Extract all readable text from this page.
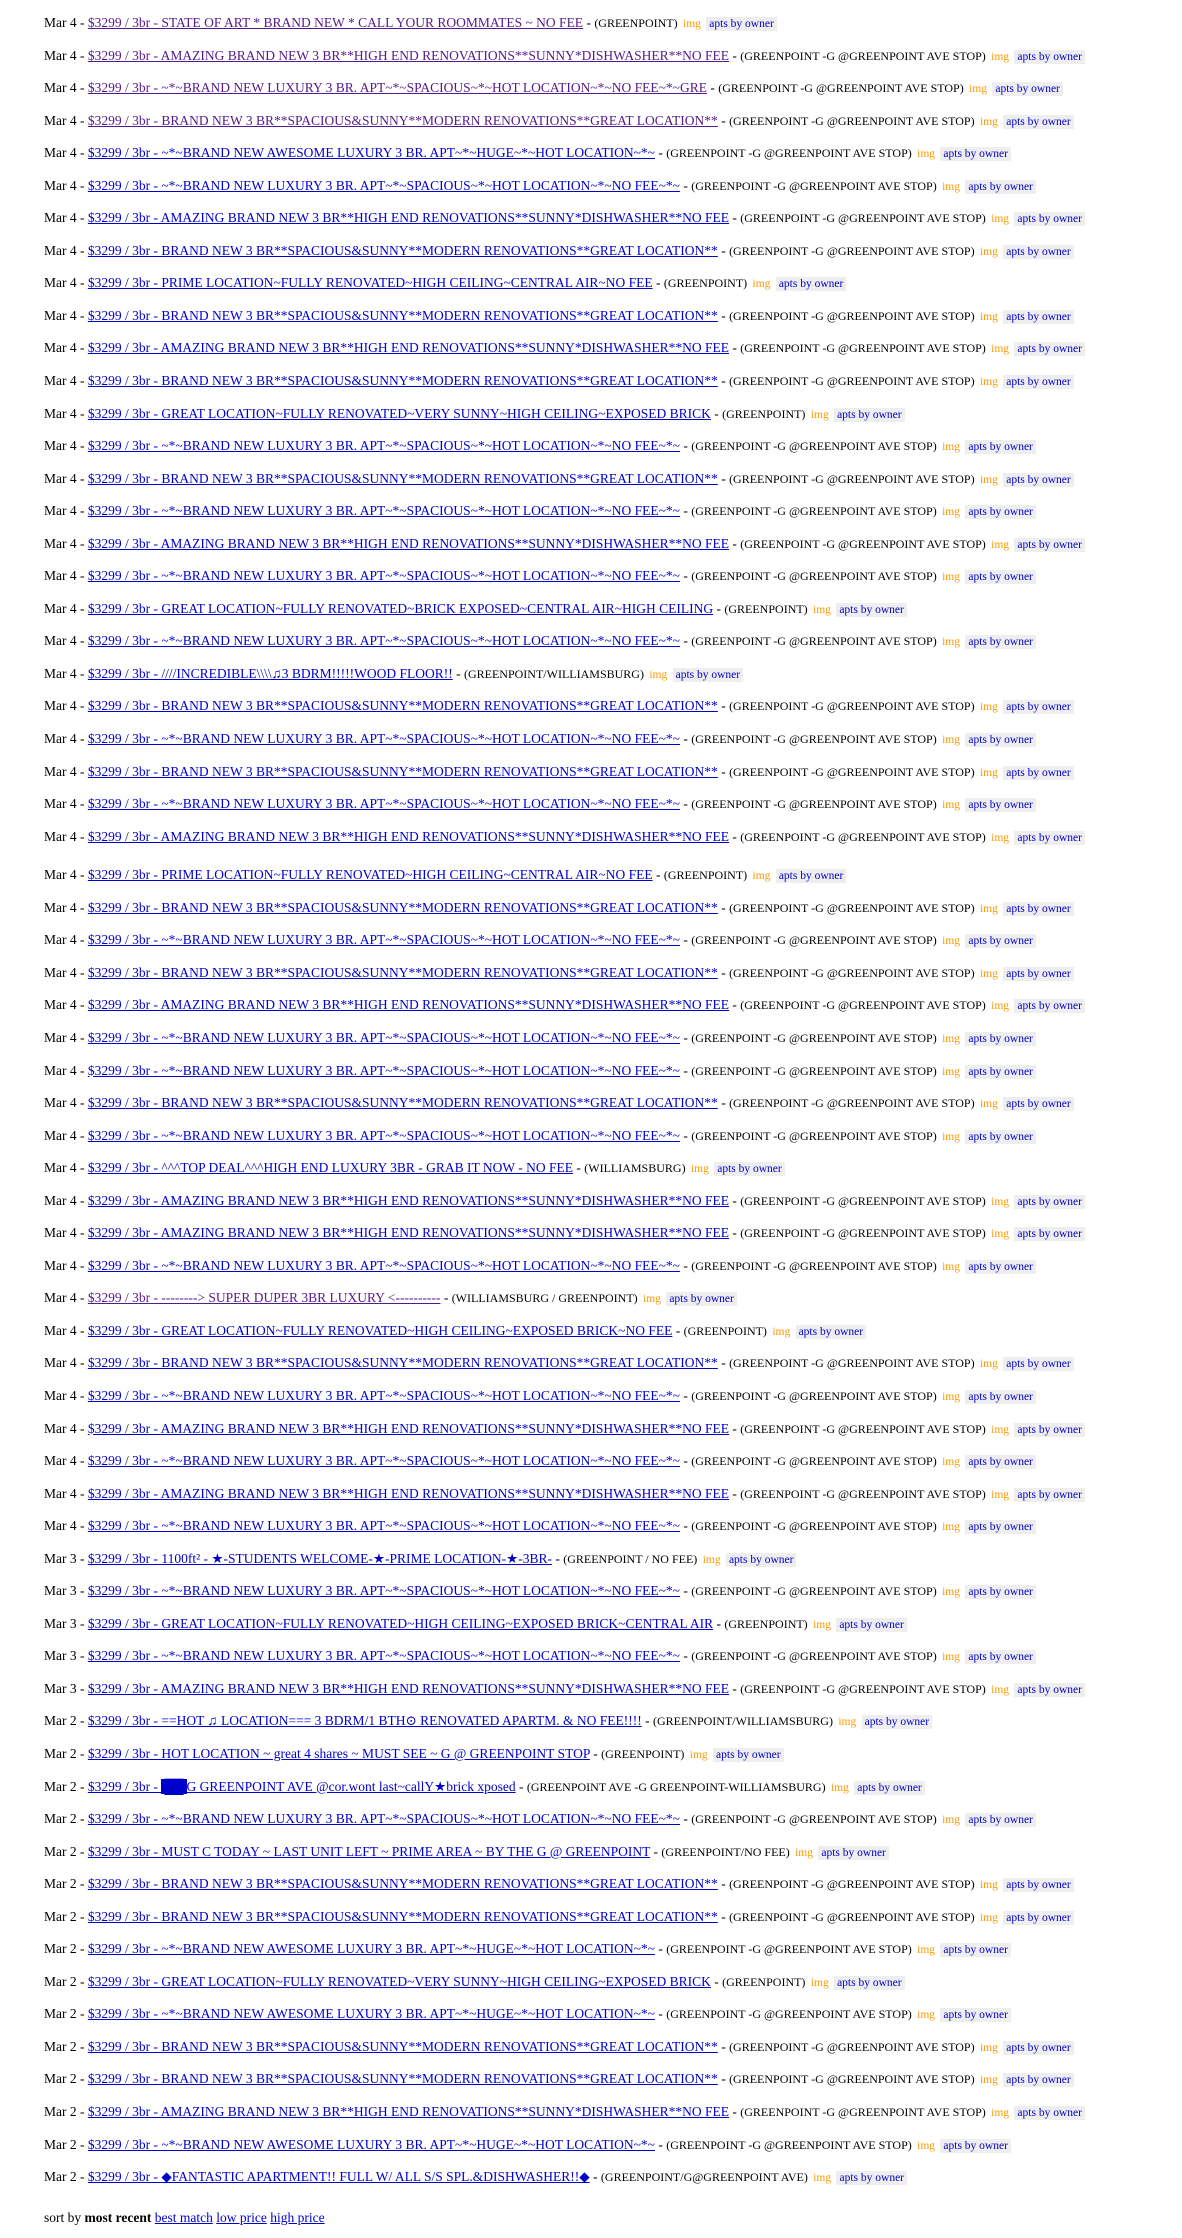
Mar 4 - $3299 / 3br - STATE OF ART * BRAND NEW * CALL YOUR ROOMMATES ~ NO FEE - (GREENPOINT) img apts by owner
Mar 4 - $3299 / 3br - AMAZING BRAND NEW 3 BR**HIGH END RENOVATIONS**SUNNY*DISHWASHER**NO FEE - (GREENPOINT -G @GREENPOINT AVE STOP) img apts by owner
Mar 4 - $3299 / 3br - ~*~BRAND NEW LUXURY 3 BR. APT~*~SPACIOUS~*~HOT LOCATION~*~NO FEE~*~GRE - (GREENPOINT -G @GREENPOINT AVE STOP) img apts by owner
Mar 4 - $3299 / 3br - BRAND NEW 3 BR**SPACIOUS&SUNNY**MODERN RENOVATIONS**GREAT LOCATION** - (GREENPOINT -G @GREENPOINT AVE STOP) img apts by owner
Mar 4 - $3299 / 3br - ~*~BRAND NEW AWESOME LUXURY 3 BR. APT~*~HUGE~*~HOT LOCATION~*~ - (GREENPOINT -G @GREENPOINT AVE STOP) img apts by owner
Mar 4 - $3299 / 3br - ~*~BRAND NEW LUXURY 3 BR. APT~*~SPACIOUS~*~HOT LOCATION~*~NO FEE~*~ - (GREENPOINT -G @GREENPOINT AVE STOP) img apts by owner
Mar 4 - $3299 / 3br - AMAZING BRAND NEW 3 BR**HIGH END RENOVATIONS**SUNNY*DISHWASHER**NO FEE - (GREENPOINT -G @GREENPOINT AVE STOP) img apts by owner
Mar 4 - $3299 / 3br - BRAND NEW 3 BR**SPACIOUS&SUNNY**MODERN RENOVATIONS**GREAT LOCATION** - (GREENPOINT -G @GREENPOINT AVE STOP) img apts by owner
Mar 4 - $3299 / 3br - PRIME LOCATION~FULLY RENOVATED~HIGH CEILING~CENTRAL AIR~NO FEE - (GREENPOINT) img apts by owner
Mar 4 - $3299 / 3br - BRAND NEW 3 BR**SPACIOUS&SUNNY**MODERN RENOVATIONS**GREAT LOCATION** - (GREENPOINT -G @GREENPOINT AVE STOP) img apts by owner
Mar 4 - $3299 / 3br - AMAZING BRAND NEW 3 BR**HIGH END RENOVATIONS**SUNNY*DISHWASHER**NO FEE - (GREENPOINT -G @GREENPOINT AVE STOP) img apts by owner
Mar 4 - $3299 / 3br - BRAND NEW 3 BR**SPACIOUS&SUNNY**MODERN RENOVATIONS**GREAT LOCATION** - (GREENPOINT -G @GREENPOINT AVE STOP) img apts by owner
Mar 4 - $3299 / 3br - GREAT LOCATION~FULLY RENOVATED~VERY SUNNY~HIGH CEILING~EXPOSED BRICK - (GREENPOINT) img apts by owner
Mar 4 - $3299 / 3br - ~*~BRAND NEW LUXURY 3 BR. APT~*~SPACIOUS~*~HOT LOCATION~*~NO FEE~*~ - (GREENPOINT -G @GREENPOINT AVE STOP) img apts by owner
Mar 4 - $3299 / 3br - BRAND NEW 3 BR**SPACIOUS&SUNNY**MODERN RENOVATIONS**GREAT LOCATION** - (GREENPOINT -G @GREENPOINT AVE STOP) img apts by owner
Mar 4 - $3299 / 3br - ~*~BRAND NEW LUXURY 3 BR. APT~*~SPACIOUS~*~HOT LOCATION~*~NO FEE~*~ - (GREENPOINT -G @GREENPOINT AVE STOP) img apts by owner
Mar 4 - $3299 / 3br - AMAZING BRAND NEW 3 BR**HIGH END RENOVATIONS**SUNNY*DISHWASHER**NO FEE - (GREENPOINT -G @GREENPOINT AVE STOP) img apts by owner
Mar 4 - $3299 / 3br - ~*~BRAND NEW LUXURY 3 BR. APT~*~SPACIOUS~*~HOT LOCATION~*~NO FEE~*~ - (GREENPOINT -G @GREENPOINT AVE STOP) img apts by owner
Mar 4 - $3299 / 3br - GREAT LOCATION~FULLY RENOVATED~BRICK EXPOSED~CENTRAL AIR~HIGH CEILING - (GREENPOINT) img apts by owner
Mar 4 - $3299 / 3br - ~*~BRAND NEW LUXURY 3 BR. APT~*~SPACIOUS~*~HOT LOCATION~*~NO FEE~*~ - (GREENPOINT -G @GREENPOINT AVE STOP) img apts by owner
Mar 4 - $3299 / 3br - ////INCREDIBLE\\\\♫3 BDRM!!!!!WOOD FLOOR!! - (GREENPOINT/WILLIAMSBURG) img apts by owner
Mar 4 - $3299 / 3br - BRAND NEW 3 BR**SPACIOUS&SUNNY**MODERN RENOVATIONS**GREAT LOCATION** - (GREENPOINT -G @GREENPOINT AVE STOP) img apts by owner
Mar 4 - $3299 / 3br - ~*~BRAND NEW LUXURY 3 BR. APT~*~SPACIOUS~*~HOT LOCATION~*~NO FEE~*~ - (GREENPOINT -G @GREENPOINT AVE STOP) img apts by owner
Mar 4 - $3299 / 3br - BRAND NEW 3 BR**SPACIOUS&SUNNY**MODERN RENOVATIONS**GREAT LOCATION** - (GREENPOINT -G @GREENPOINT AVE STOP) img apts by owner
Mar 4 - $3299 / 3br - ~*~BRAND NEW LUXURY 3 BR. APT~*~SPACIOUS~*~HOT LOCATION~*~NO FEE~*~ - (GREENPOINT -G @GREENPOINT AVE STOP) img apts by owner
Mar 4 - $3299 / 3br - AMAZING BRAND NEW 3 BR**HIGH END RENOVATIONS**SUNNY*DISHWASHER**NO FEE - (GREENPOINT -G @GREENPOINT AVE STOP) img apts by owner
Mar 4 - $3299 / 3br - PRIME LOCATION~FULLY RENOVATED~HIGH CEILING~CENTRAL AIR~NO FEE - (GREENPOINT) img apts by owner
Mar 4 - $3299 / 3br - BRAND NEW 3 BR**SPACIOUS&SUNNY**MODERN RENOVATIONS**GREAT LOCATION** - (GREENPOINT -G @GREENPOINT AVE STOP) img apts by owner
Mar 4 - $3299 / 3br - ~*~BRAND NEW LUXURY 3 BR. APT~*~SPACIOUS~*~HOT LOCATION~*~NO FEE~*~ - (GREENPOINT -G @GREENPOINT AVE STOP) img apts by owner
Mar 4 - $3299 / 3br - BRAND NEW 3 BR**SPACIOUS&SUNNY**MODERN RENOVATIONS**GREAT LOCATION** - (GREENPOINT -G @GREENPOINT AVE STOP) img apts by owner
Mar 4 - $3299 / 3br - AMAZING BRAND NEW 3 BR**HIGH END RENOVATIONS**SUNNY*DISHWASHER**NO FEE - (GREENPOINT -G @GREENPOINT AVE STOP) img apts by owner
Mar 4 - $3299 / 3br - ~*~BRAND NEW LUXURY 3 BR. APT~*~SPACIOUS~*~HOT LOCATION~*~NO FEE~*~ - (GREENPOINT -G @GREENPOINT AVE STOP) img apts by owner
Mar 4 - $3299 / 3br - ~*~BRAND NEW LUXURY 3 BR. APT~*~SPACIOUS~*~HOT LOCATION~*~NO FEE~*~ - (GREENPOINT -G @GREENPOINT AVE STOP) img apts by owner
Mar 4 - $3299 / 3br - BRAND NEW 3 BR**SPACIOUS&SUNNY**MODERN RENOVATIONS**GREAT LOCATION** - (GREENPOINT -G @GREENPOINT AVE STOP) img apts by owner
Mar 4 - $3299 / 3br - ~*~BRAND NEW LUXURY 3 BR. APT~*~SPACIOUS~*~HOT LOCATION~*~NO FEE~*~ - (GREENPOINT -G @GREENPOINT AVE STOP) img apts by owner
Mar 4 - $3299 / 3br - ^^^TOP DEAL^^^HIGH END LUXURY 3BR - GRAB IT NOW - NO FEE - (WILLIAMSBURG) img apts by owner
Mar 4 - $3299 / 3br - AMAZING BRAND NEW 3 BR**HIGH END RENOVATIONS**SUNNY*DISHWASHER**NO FEE - (GREENPOINT -G @GREENPOINT AVE STOP) img apts by owner
Mar 4 - $3299 / 3br - AMAZING BRAND NEW 3 BR**HIGH END RENOVATIONS**SUNNY*DISHWASHER**NO FEE - (GREENPOINT -G @GREENPOINT AVE STOP) img apts by owner
Mar 4 - $3299 / 3br - ~*~BRAND NEW LUXURY 3 BR. APT~*~SPACIOUS~*~HOT LOCATION~*~NO FEE~*~ - (GREENPOINT -G @GREENPOINT AVE STOP) img apts by owner
Mar 4 - $3299 / 3br - --------> SUPER DUPER 3BR LUXURY <---------- - (WILLIAMSBURG / GREENPOINT) img apts by owner
Mar 4 - $3299 / 3br - GREAT LOCATION~FULLY RENOVATED~HIGH CEILING~EXPOSED BRICK~NO FEE - (GREENPOINT) img apts by owner
Mar 4 - $3299 / 3br - BRAND NEW 3 BR**SPACIOUS&SUNNY**MODERN RENOVATIONS**GREAT LOCATION** - (GREENPOINT -G @GREENPOINT AVE STOP) img apts by owner
Mar 4 - $3299 / 3br - ~*~BRAND NEW LUXURY 3 BR. APT~*~SPACIOUS~*~HOT LOCATION~*~NO FEE~*~ - (GREENPOINT -G @GREENPOINT AVE STOP) img apts by owner
Mar 4 - $3299 / 3br - AMAZING BRAND NEW 3 BR**HIGH END RENOVATIONS**SUNNY*DISHWASHER**NO FEE - (GREENPOINT -G @GREENPOINT AVE STOP) img apts by owner
Mar 4 - $3299 / 3br - ~*~BRAND NEW LUXURY 3 BR. APT~*~SPACIOUS~*~HOT LOCATION~*~NO FEE~*~ - (GREENPOINT -G @GREENPOINT AVE STOP) img apts by owner
Mar 4 - $3299 / 3br - AMAZING BRAND NEW 3 BR**HIGH END RENOVATIONS**SUNNY*DISHWASHER**NO FEE - (GREENPOINT -G @GREENPOINT AVE STOP) img apts by owner
Mar 4 - $3299 / 3br - ~*~BRAND NEW LUXURY 3 BR. APT~*~SPACIOUS~*~HOT LOCATION~*~NO FEE~*~ - (GREENPOINT -G @GREENPOINT AVE STOP) img apts by owner
Mar 3 - $3299 / 3br - 1100ft² - ★-STUDENTS WELCOME-★-PRIME LOCATION-★-3BR- - (GREENPOINT / NO FEE) img apts by owner
Mar 3 - $3299 / 3br - ~*~BRAND NEW LUXURY 3 BR. APT~*~SPACIOUS~*~HOT LOCATION~*~NO FEE~*~ - (GREENPOINT -G @GREENPOINT AVE STOP) img apts by owner
Mar 3 - $3299 / 3br - GREAT LOCATION~FULLY RENOVATED~HIGH CEILING~EXPOSED BRICK~CENTRAL AIR - (GREENPOINT) img apts by owner
Mar 3 - $3299 / 3br - ~*~BRAND NEW LUXURY 3 BR. APT~*~SPACIOUS~*~HOT LOCATION~*~NO FEE~*~ - (GREENPOINT -G @GREENPOINT AVE STOP) img apts by owner
Mar 3 - $3299 / 3br - AMAZING BRAND NEW 3 BR**HIGH END RENOVATIONS**SUNNY*DISHWASHER**NO FEE - (GREENPOINT -G @GREENPOINT AVE STOP) img apts by owner
Mar 2 - $3299 / 3br - ==HOT ♫ LOCATION=== 3 BDRM/1 BTH⊙ RENOVATED APARTM. & NO FEE!!!! - (GREENPOINT/WILLIAMSBURG) img apts by owner
Mar 2 - $3299 / 3br - HOT LOCATION ~ great 4 shares ~ MUST SEE ~ G @ GREENPOINT STOP - (GREENPOINT) img apts by owner
Mar 2 - $3299 / 3br - ██ G GREENPOINT AVE @cor.wont last~callY★brick xposed - (GREENPOINT AVE -G GREENPOINT-WILLIAMSBURG) img apts by owner
Mar 2 - $3299 / 3br - ~*~BRAND NEW LUXURY 3 BR. APT~*~SPACIOUS~*~HOT LOCATION~*~NO FEE~*~ - (GREENPOINT -G @GREENPOINT AVE STOP) img apts by owner
Mar 2 - $3299 / 3br - MUST C TODAY ~ LAST UNIT LEFT ~ PRIME AREA ~ BY THE G @ GREENPOINT - (GREENPOINT/NO FEE) img apts by owner
Mar 2 - $3299 / 3br - BRAND NEW 3 BR**SPACIOUS&SUNNY**MODERN RENOVATIONS**GREAT LOCATION** - (GREENPOINT -G @GREENPOINT AVE STOP) img apts by owner
Mar 2 - $3299 / 3br - BRAND NEW 3 BR**SPACIOUS&SUNNY**MODERN RENOVATIONS**GREAT LOCATION** - (GREENPOINT -G @GREENPOINT AVE STOP) img apts by owner
Mar 2 - $3299 / 3br - ~*~BRAND NEW AWESOME LUXURY 3 BR. APT~*~HUGE~*~HOT LOCATION~*~ - (GREENPOINT -G @GREENPOINT AVE STOP) img apts by owner
Mar 2 - $3299 / 3br - GREAT LOCATION~FULLY RENOVATED~VERY SUNNY~HIGH CEILING~EXPOSED BRICK - (GREENPOINT) img apts by owner
Mar 2 - $3299 / 3br - ~*~BRAND NEW AWESOME LUXURY 3 BR. APT~*~HUGE~*~HOT LOCATION~*~ - (GREENPOINT -G @GREENPOINT AVE STOP) img apts by owner
Mar 2 - $3299 / 3br - BRAND NEW 3 BR**SPACIOUS&SUNNY**MODERN RENOVATIONS**GREAT LOCATION** - (GREENPOINT -G @GREENPOINT AVE STOP) img apts by owner
Mar 2 - $3299 / 3br - BRAND NEW 3 BR**SPACIOUS&SUNNY**MODERN RENOVATIONS**GREAT LOCATION** - (GREENPOINT -G @GREENPOINT AVE STOP) img apts by owner
Mar 2 - $3299 / 3br - AMAZING BRAND NEW 3 BR**HIGH END RENOVATIONS**SUNNY*DISHWASHER**NO FEE - (GREENPOINT -G @GREENPOINT AVE STOP) img apts by owner
Mar 2 - $3299 / 3br - ~*~BRAND NEW AWESOME LUXURY 3 BR. APT~*~HUGE~*~HOT LOCATION~*~ - (GREENPOINT -G @GREENPOINT AVE STOP) img apts by owner
Mar 2 - $3299 / 3br - ◆FANTASTIC APARTMENT!! FULL W/ ALL S/S SPL.&DISHWASHER!!◆ - (GREENPOINT/G@GREENPOINT AVE) img apts by owner
sort by most recent best match low price high price
